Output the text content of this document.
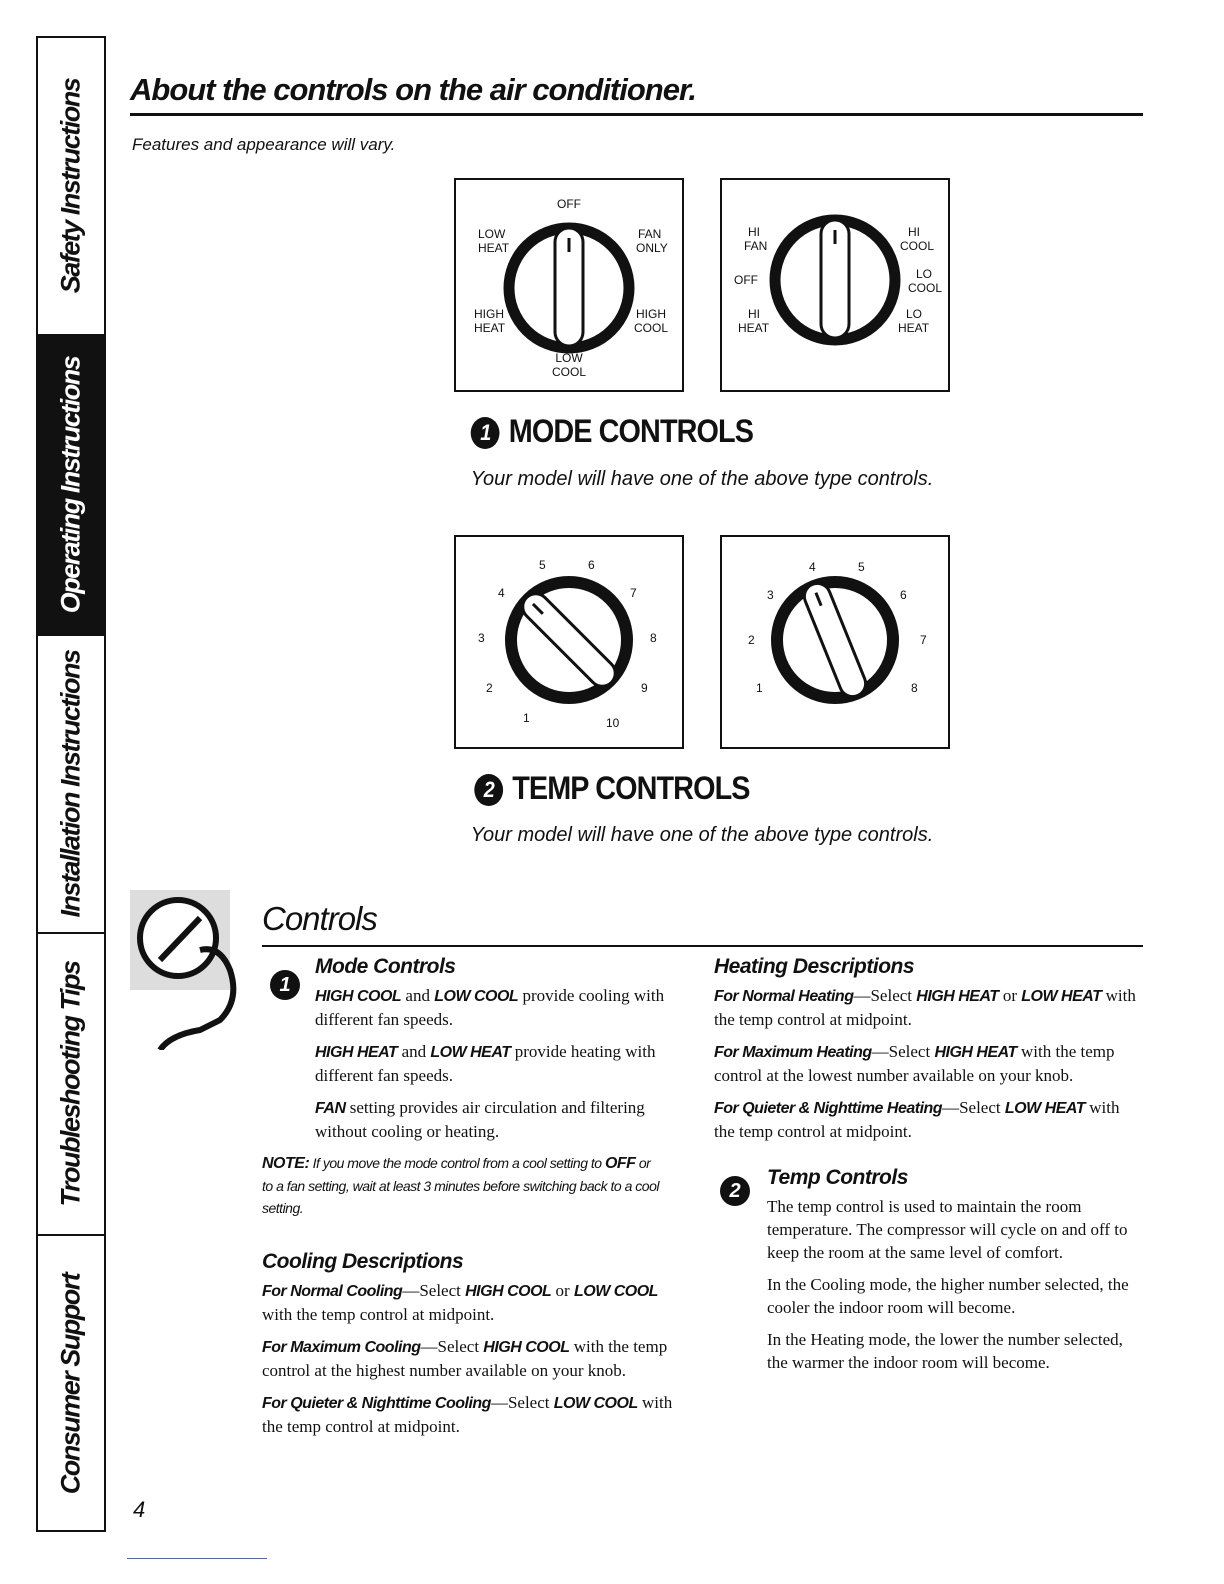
Safety Instructions
Operating Instructions
Installation Instructions
Troubleshooting Tips
Consumer Support
About the controls on the air conditioner.
Features and appearance will vary.
OFF
LOW
HEAT
FAN
ONLY
HIGH
HEAT
HIGH
COOL
LOW
COOL
HI
FAN
OFF
HI
HEAT
HI
COOL
LO
COOL
LO
HEAT
1 MODE CONTROLS
Your model will have one of the above type controls.
1
2
3
4
5	6
7
8
9
10
1
2
3
4	5
6
7
8
2 TEMP CONTROLS
Your model will have one of the above type controls.
Controls
1
Mode Controls

HIGH COOL and LOW COOL provide cooling with different fan speeds.

HIGH HEAT and LOW HEAT provide heating with different fan speeds.

FAN setting provides air circulation and filtering without cooling or heating.

NOTE: If you move the mode control from a cool setting to OFF or to a fan setting, wait at least 3 minutes before switching back to a cool setting.

Cooling Descriptions

For Normal Cooling—Select HIGH COOL or LOW COOL with the temp control at midpoint.

For Maximum Cooling—Select HIGH COOL with the temp control at the highest number available on your knob.

For Quieter & Nighttime Cooling—Select LOW COOL with the temp control at midpoint.

Heating Descriptions

For Normal Heating—Select HIGH HEAT or LOW HEAT with the temp control at midpoint.

For Maximum Heating—Select HIGH HEAT with the temp control at the lowest number available on your knob.

For Quieter & Nighttime Heating—Select LOW HEAT with the temp control at midpoint.

2
Temp Controls

The temp control is used to maintain the room temperature. The compressor will cycle on and off to keep the room at the same level of comfort.

In the Cooling mode, the higher number selected, the cooler the indoor room will become.

In the Heating mode, the lower the number selected, the warmer the indoor room will become.

4
